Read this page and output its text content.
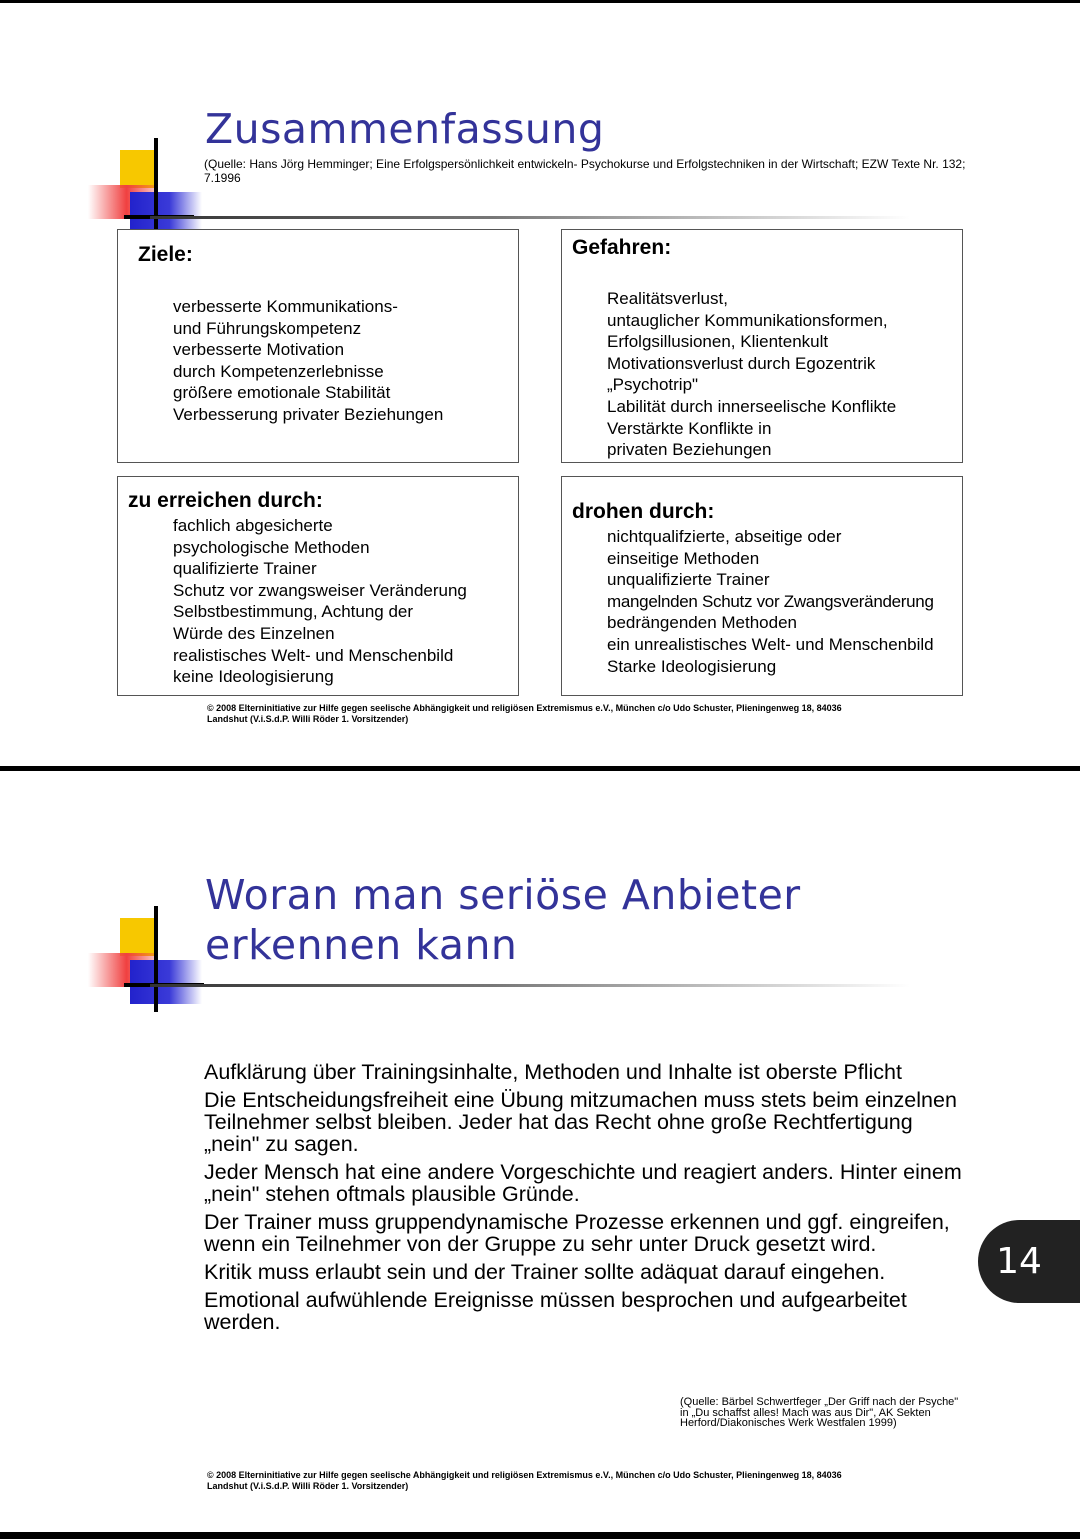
Zusammenfassung
(Quelle: Hans Jörg Hemminger; Eine Erfolgspersönlichkeit entwickeln- Psychokurse und Erfolgstechniken in der Wirtschaft; EZW Texte Nr. 132; 7.1996
Ziele:
verbesserte Kommunikations-
und Führungskompetenz
verbesserte Motivation
durch Kompetenzerlebnisse
größere emotionale Stabilität
Verbesserung privater Beziehungen
Gefahren:
Realitätsverlust,
untauglicher Kommunikationsformen,
Erfolgsillusionen, Klientenkult
Motivationsverlust durch Egozentrik
„Psychotrip"
Labilität durch innerseelische Konflikte
Verstärkte Konflikte in
privaten Beziehungen
zu erreichen durch:
fachlich abgesicherte
psychologische Methoden
qualifizierte Trainer
Schutz vor zwangsweiser Veränderung
Selbstbestimmung, Achtung der
Würde des Einzelnen
realistisches Welt- und Menschenbild
keine Ideologisierung
drohen durch:
nichtqualifzierte, abseitige oder
einseitige Methoden
unqualifizierte Trainer
mangelnden Schutz vor Zwangsveränderung
bedrängenden Methoden
ein unrealistisches Welt- und Menschenbild
Starke Ideologisierung
© 2008 Elterninitiative zur Hilfe gegen seelische Abhängigkeit und religiösen Extremismus e.V., München c/o Udo Schuster, Plieningenweg 18, 84036
Landshut (V.i.S.d.P. Willi Röder 1. Vorsitzender)
Woran man seriöse Anbieter
erkennen kann
Aufklärung über Trainingsinhalte, Methoden und Inhalte ist oberste Pflicht
Die Entscheidungsfreiheit eine Übung mitzumachen muss stets beim einzelnen Teilnehmer selbst bleiben. Jeder hat das Recht ohne große Rechtfertigung „nein" zu sagen.
Jeder Mensch hat eine andere Vorgeschichte und reagiert anders. Hinter einem „nein" stehen oftmals plausible Gründe.
Der Trainer muss gruppendynamische Prozesse erkennen und ggf. eingreifen, wenn ein Teilnehmer von der Gruppe zu sehr unter Druck gesetzt wird.
Kritik muss erlaubt sein und der Trainer sollte adäquat darauf eingehen.
Emotional aufwühlende Ereignisse müssen besprochen und aufgearbeitet werden.
(Quelle: Bärbel Schwertfeger „Der Griff nach der Psyche" in „Du schaffst alles! Mach was aus Dir", AK Sekten Herford/Diakonisches Werk Westfalen 1999)
© 2008 Elterninitiative zur Hilfe gegen seelische Abhängigkeit und religiösen Extremismus e.V., München c/o Udo Schuster, Plieningenweg 18, 84036
Landshut (V.i.S.d.P. Willi Röder 1. Vorsitzender)
14
